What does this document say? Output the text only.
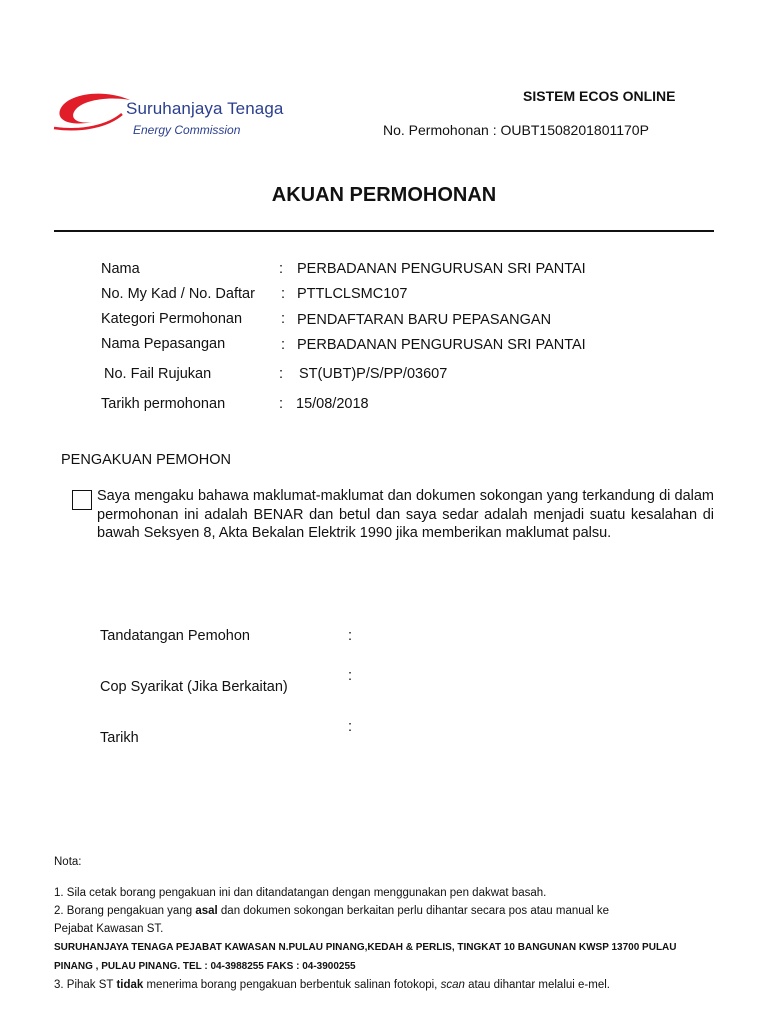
Suruhanjaya Tenaga
Energy Commission
SISTEM ECOS ONLINE
No. Permohonan : OUBT1508201801170P
AKUAN PERMOHONAN
Nama	: PERBADANAN PENGURUSAN SRI PANTAI
No. My Kad / No. Daftar : PTTLCLSMC107
Kategori Permohonan	: PENDAFTARAN BARU PEPASANGAN
Nama Pepasangan	: PERBADANAN PENGURUSAN SRI PANTAI
No. Fail Rujukan	: ST(UBT)P/S/PP/03607
Tarikh permohonan	: 15/08/2018
PENGAKUAN PEMOHON
Saya mengaku bahawa maklumat-maklumat dan dokumen sokongan yang terkandung di dalam permohonan ini adalah BENAR dan betul dan saya sedar adalah menjadi suatu kesalahan di bawah Seksyen 8, Akta Bekalan Elektrik 1990 jika memberikan maklumat palsu.
Tandatangan Pemohon	:
Cop Syarikat (Jika Berkaitan)
:
Tarikh
:
Nota:
1. Sila cetak borang pengakuan ini dan ditandatangan dengan menggunakan pen dakwat basah.
2. Borang pengakuan yang asal dan dokumen sokongan berkaitan perlu dihantar secara pos atau manual ke
Pejabat Kawasan ST.
SURUHANJAYA TENAGA PEJABAT KAWASAN N.PULAU PINANG,KEDAH & PERLIS, TINGKAT 10 BANGUNAN KWSP 13700 PULAU
PINANG , PULAU PINANG. TEL : 04-3988255 FAKS : 04-3900255
3. Pihak ST tidak menerima borang pengakuan berbentuk salinan fotokopi, scan atau dihantar melalui e-mel.
